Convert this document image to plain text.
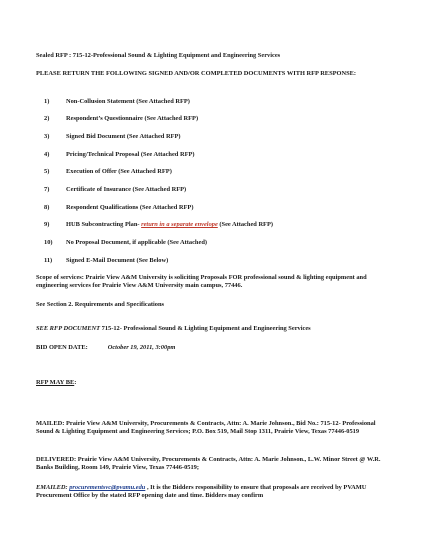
Sealed RFP : 715-12-Professional Sound & Lighting Equipment and Engineering Services
PLEASE RETURN THE FOLLOWING SIGNED AND/OR COMPLETED DOCUMENTS WITH RFP RESPONSE:
1)	Non-Collusion Statement (See Attached RFP)
2)	Respondent’s Questionnaire (See Attached RFP)
3)	Signed Bid Document (See Attached RFP)
4)	Pricing/Technical Proposal (See Attached RFP)
5)	Execution of Offer (See Attached RFP)
7)	Certificate of Insurance (See Attached RFP)
8)	Respondent Qualifications (See Attached RFP)
9)	HUB Subcontracting Plan- return in a separate envelope (See Attached RFP)
10) No Proposal Document, if applicable (See Attached)
11) Signed E-Mail Document (See Below)
Scope of services: Prairie View A&M University is soliciting Proposals FOR professional sound & lighting equipment and engineering services for Prairie View A&M University main campus, 77446.
See Section 2. Requirements and Specifications
SEE RFP DOCUMENT 715-12- Professional Sound & Lighting Equipment and Engineering Services
BID OPEN DATE:	October 19, 2011, 3:00pm
RFP MAY BE:
MAILED: Prairie View A&M University, Procurements & Contracts, Attn: A. Marie Johnson., Bid No.: 715-12- Professional Sound & Lighting Equipment and Engineering Services; P.O. Box 519, Mail Stop 1311, Prairie View, Texas 77446-0519
DELIVERED: Prairie View A&M University, Procurements & Contracts, Attn: A. Marie Johnson., L.W. Minor Street @ W.R. Banks Building, Room 149, Prairie View, Texas 77446-0519;
EMAILED: procurementsvc@pvamu.edu , It is the Bidders responsibility to ensure that proposals are received by PVAMU Procurement Office by the stated RFP opening date and time. Bidders may confirm
